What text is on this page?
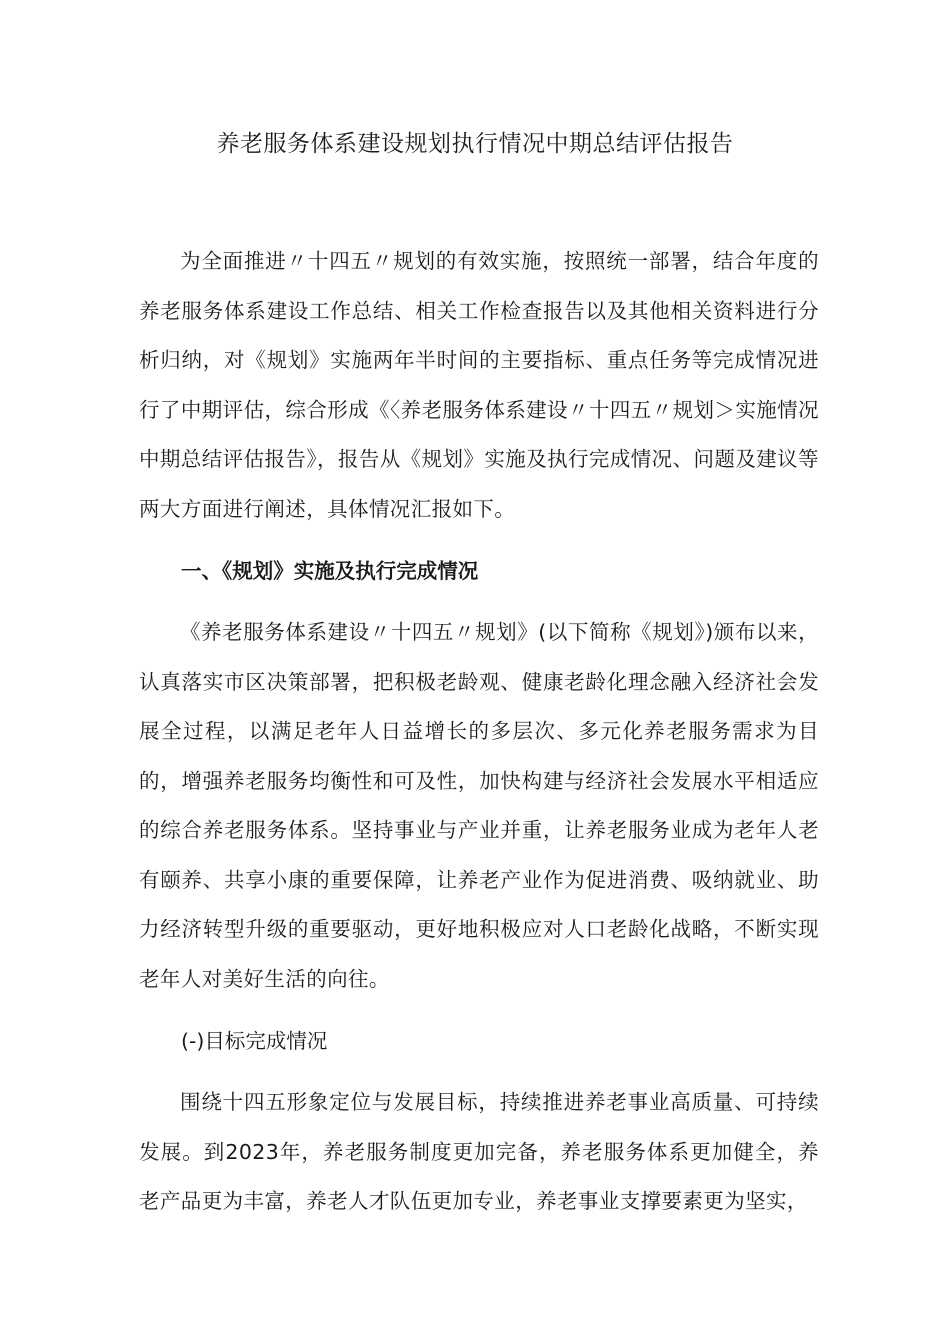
养老服务体系建设规划执行情况中期总结评估报告

为全面推进〃十四五〃规划的有效实施，按照统一部署，结合年度的养老服务体系建设工作总结、相关工作检查报告以及其他相关资料进行分析归纳，对《规划》实施两年半时间的主要指标、重点任务等完成情况进行了中期评估，综合形成《〈养老服务体系建设〃十四五〃规划＞实施情况中期总结评估报告》，报告从《规划》实施及执行完成情况、问题及建议等两大方面进行阐述，具体情况汇报如下。

一、《规划》实施及执行完成情况

《养老服务体系建设〃十四五〃规划》(以下简称《规划》)颁布以来，认真落实市区决策部署，把积极老龄观、健康老龄化理念融入经济社会发展全过程，以满足老年人日益增长的多层次、多元化养老服务需求为目的，增强养老服务均衡性和可及性，加快构建与经济社会发展水平相适应的综合养老服务体系。坚持事业与产业并重，让养老服务业成为老年人老有颐养、共享小康的重要保障，让养老产业作为促进消费、吸纳就业、助力经济转型升级的重要驱动，更好地积极应对人口老龄化战略，不断实现老年人对美好生活的向往。

(-)目标完成情况

围绕十四五形象定位与发展目标，持续推进养老事业高质量、可持续发展。到2023年，养老服务制度更加完备，养老服务体系更加健全，养老产品更为丰富，养老人才队伍更加专业，养老事业支撑要素更为坚实，
